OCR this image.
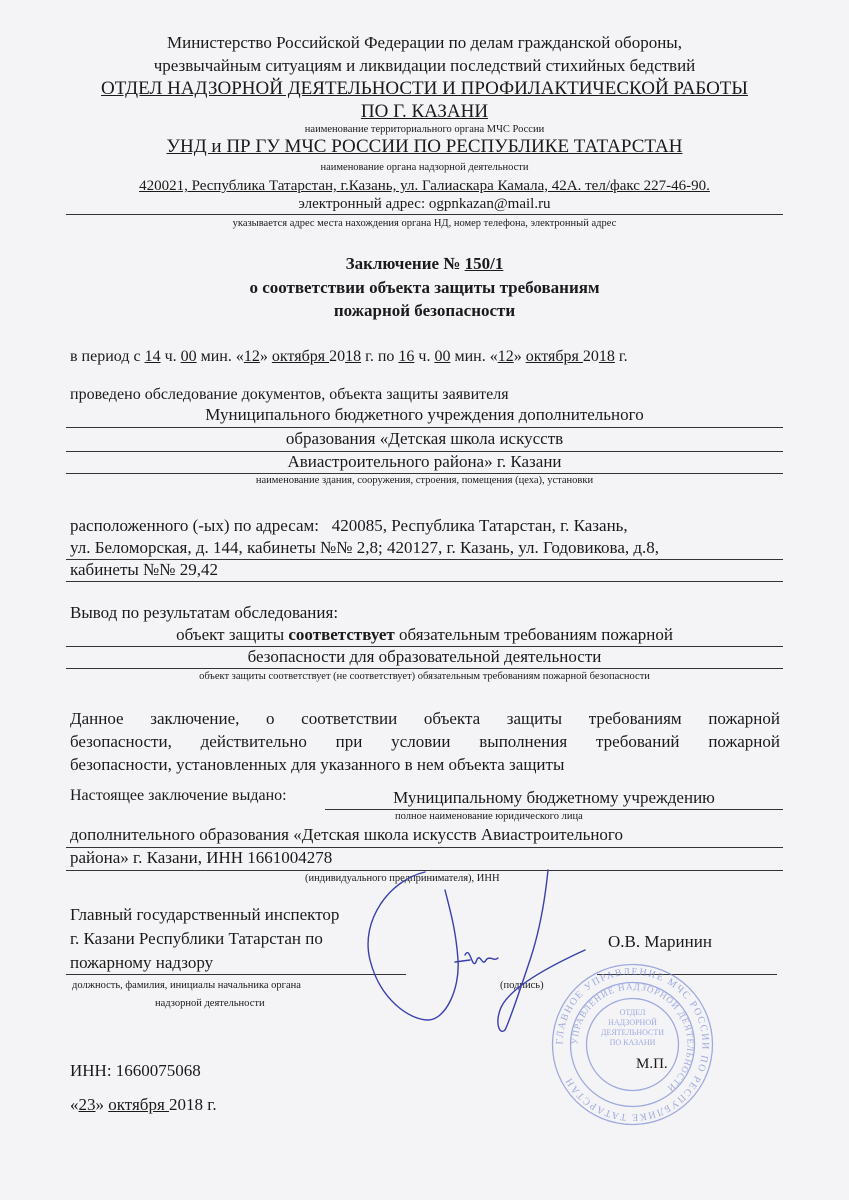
Министерство Российской Федерации по делам гражданской обороны,
чрезвычайным ситуациям и ликвидации последствий стихийных бедствий
ОТДЕЛ НАДЗОРНОЙ ДЕЯТЕЛЬНОСТИ И ПРОФИЛАКТИЧЕСКОЙ РАБОТЫ
ПО Г. КАЗАНИ
наименование территориального органа МЧС России
УНД и ПР ГУ МЧС РОССИИ ПО РЕСПУБЛИКЕ ТАТАРСТАН
наименование органа надзорной деятельности
420021, Республика Татарстан, г.Казань, ул. Галиаскара Камала, 42А. тел/факс 227-46-90.
электронный адрес: ogpnkazan@mail.ru
указывается адрес места нахождения органа НД, номер телефона, электронный адрес
Заключение № 150/1
о соответствии объекта защиты требованиям
пожарной безопасности
в период с 14 ч. 00 мин. «12» октября 2018 г. по 16 ч. 00 мин. «12» октября 2018 г.
проведено обследование документов, объекта защиты заявителя
Муниципального бюджетного учреждения дополнительного
образования «Детская школа искусств
Авиастроительного района» г. Казани
наименование здания, сооружения, строения, помещения (цеха), установки
расположенного (-ых) по адресам: 420085, Республика Татарстан, г. Казань,
ул. Беломорская, д. 144, кабинеты №№ 2,8; 420127, г. Казань, ул. Годовикова, д.8,
кабинеты №№ 29,42
Вывод по результатам обследования:
объект защиты соответствует обязательным требованиям пожарной
безопасности для образовательной деятельности
объект защиты соответствует (не соответствует) обязательным требованиям пожарной безопасности
Данное заключение, о соответствии объекта защиты требованиям пожарной
безопасности, действительно при условии выполнения требований пожарной
безопасности, установленных для указанного в нем объекта защиты
Настоящее заключение выдано:	Муниципальному бюджетному учреждению
полное наименование юридического лица
дополнительного образования «Детская школа искусств Авиастроительного
района» г. Казани, ИНН 1661004278
(индивидуального предпринимателя), ИНН
Главный государственный инспектор
г. Казани Республики Татарстан по
пожарному надзору
должность, фамилия, инициалы начальника органа
надзорной деятельности
(подпись)
О.В. Маринин
ГЛАВНОЕ УПРАВЛЕНИЕ МЧС РОССИИ ПО РЕСПУБЛИКЕ ТАТАРСТАН
УПРАВЛЕНИЕ НАДЗОРНОЙ ДЕЯТЕЛЬНОСТИ
ОТДЕЛ
НАДЗОРНОЙ
ДЕЯТЕЛЬНОСТИ
ПО КАЗАНИ
М.П.
ИНН: 1660075068
«23» октября 2018 г.
